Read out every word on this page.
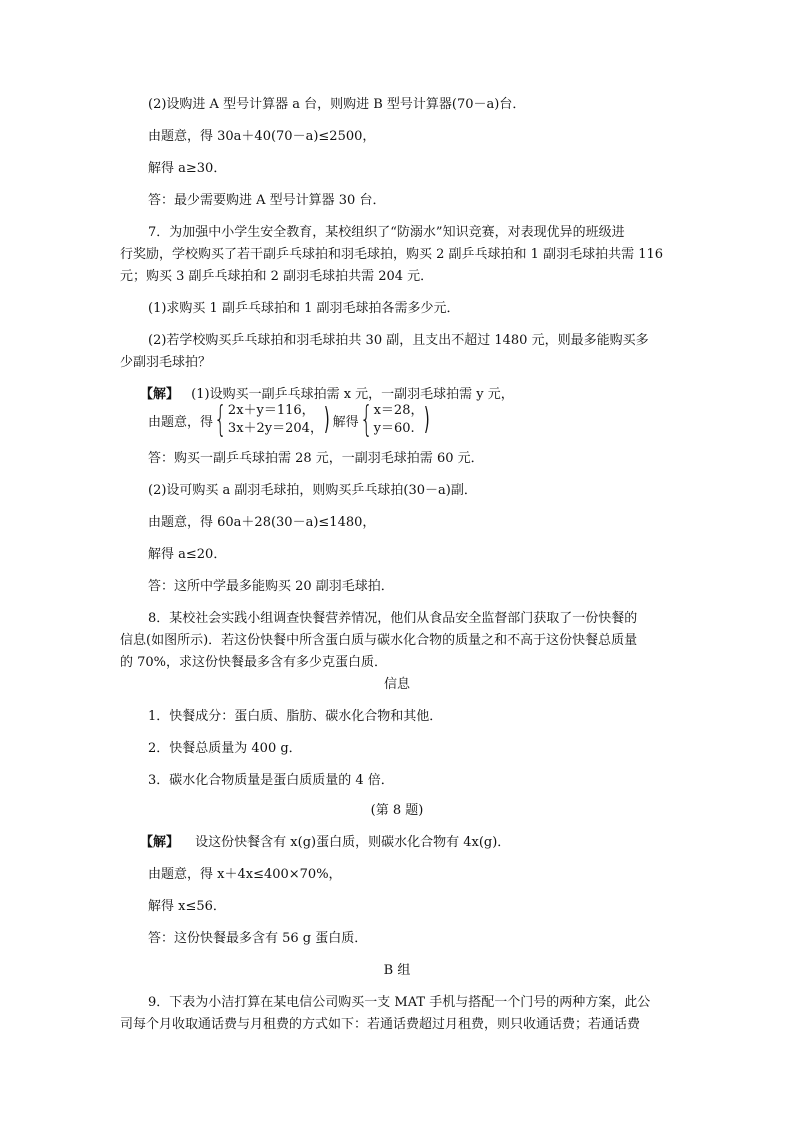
(2)设购进 A 型号计算器 a 台，则购进 B 型号计算器(70－a)台．
由题意，得 30a＋40(70－a)≤2500，
解得 a≥30．
答：最少需要购进 A 型号计算器 30 台．
7．为加强中小学生安全教育，某校组织了“防溺水”知识竞赛，对表现优异的班级进
行奖励，学校购买了若干副乒乓球拍和羽毛球拍，购买 2 副乒乓球拍和 1 副羽毛球拍共需 116
元；购买 3 副乒乓球拍和 2 副羽毛球拍共需 204 元．
(1)求购买 1 副乒乓球拍和 1 副羽毛球拍各需多少元．
(2)若学校购买乒乓球拍和羽毛球拍共 30 副，且支出不超过 1480 元，则最多能购买多
少副羽毛球拍？
【解】 (1)设购买一副乒乓球拍需 x 元，一副羽毛球拍需 y 元，
由题意，得 { 2x＋y＝116，
3x＋2y＝204， ) 解得 { x＝28，
y＝60. )
答：购买一副乒乓球拍需 28 元，一副羽毛球拍需 60 元．
(2)设可购买 a 副羽毛球拍，则购买乒乓球拍(30－a)副．
由题意，得 60a＋28(30－a)≤1480，
解得 a≤20．
答：这所中学最多能购买 20 副羽毛球拍．
8．某校社会实践小组调查快餐营养情况，他们从食品安全监督部门获取了一份快餐的
信息(如图所示)．若这份快餐中所含蛋白质与碳水化合物的质量之和不高于这份快餐总质量
的 70%，求这份快餐最多含有多少克蛋白质．
信息
1．快餐成分：蛋白质、脂肪、碳水化合物和其他．
2．快餐总质量为 400 g．
3．碳水化合物质量是蛋白质质量的 4 倍．
(第 8 题)
【解】 设这份快餐含有 x(g)蛋白质，则碳水化合物有 4x(g)．
由题意，得 x＋4x≤400×70%，
解得 x≤56．
答：这份快餐最多含有 56 g 蛋白质．
B 组
9．下表为小洁打算在某电信公司购买一支 MAT 手机与搭配一个门号的两种方案，此公
司每个月收取通话费与月租费的方式如下：若通话费超过月租费，则只收通话费；若通话费
